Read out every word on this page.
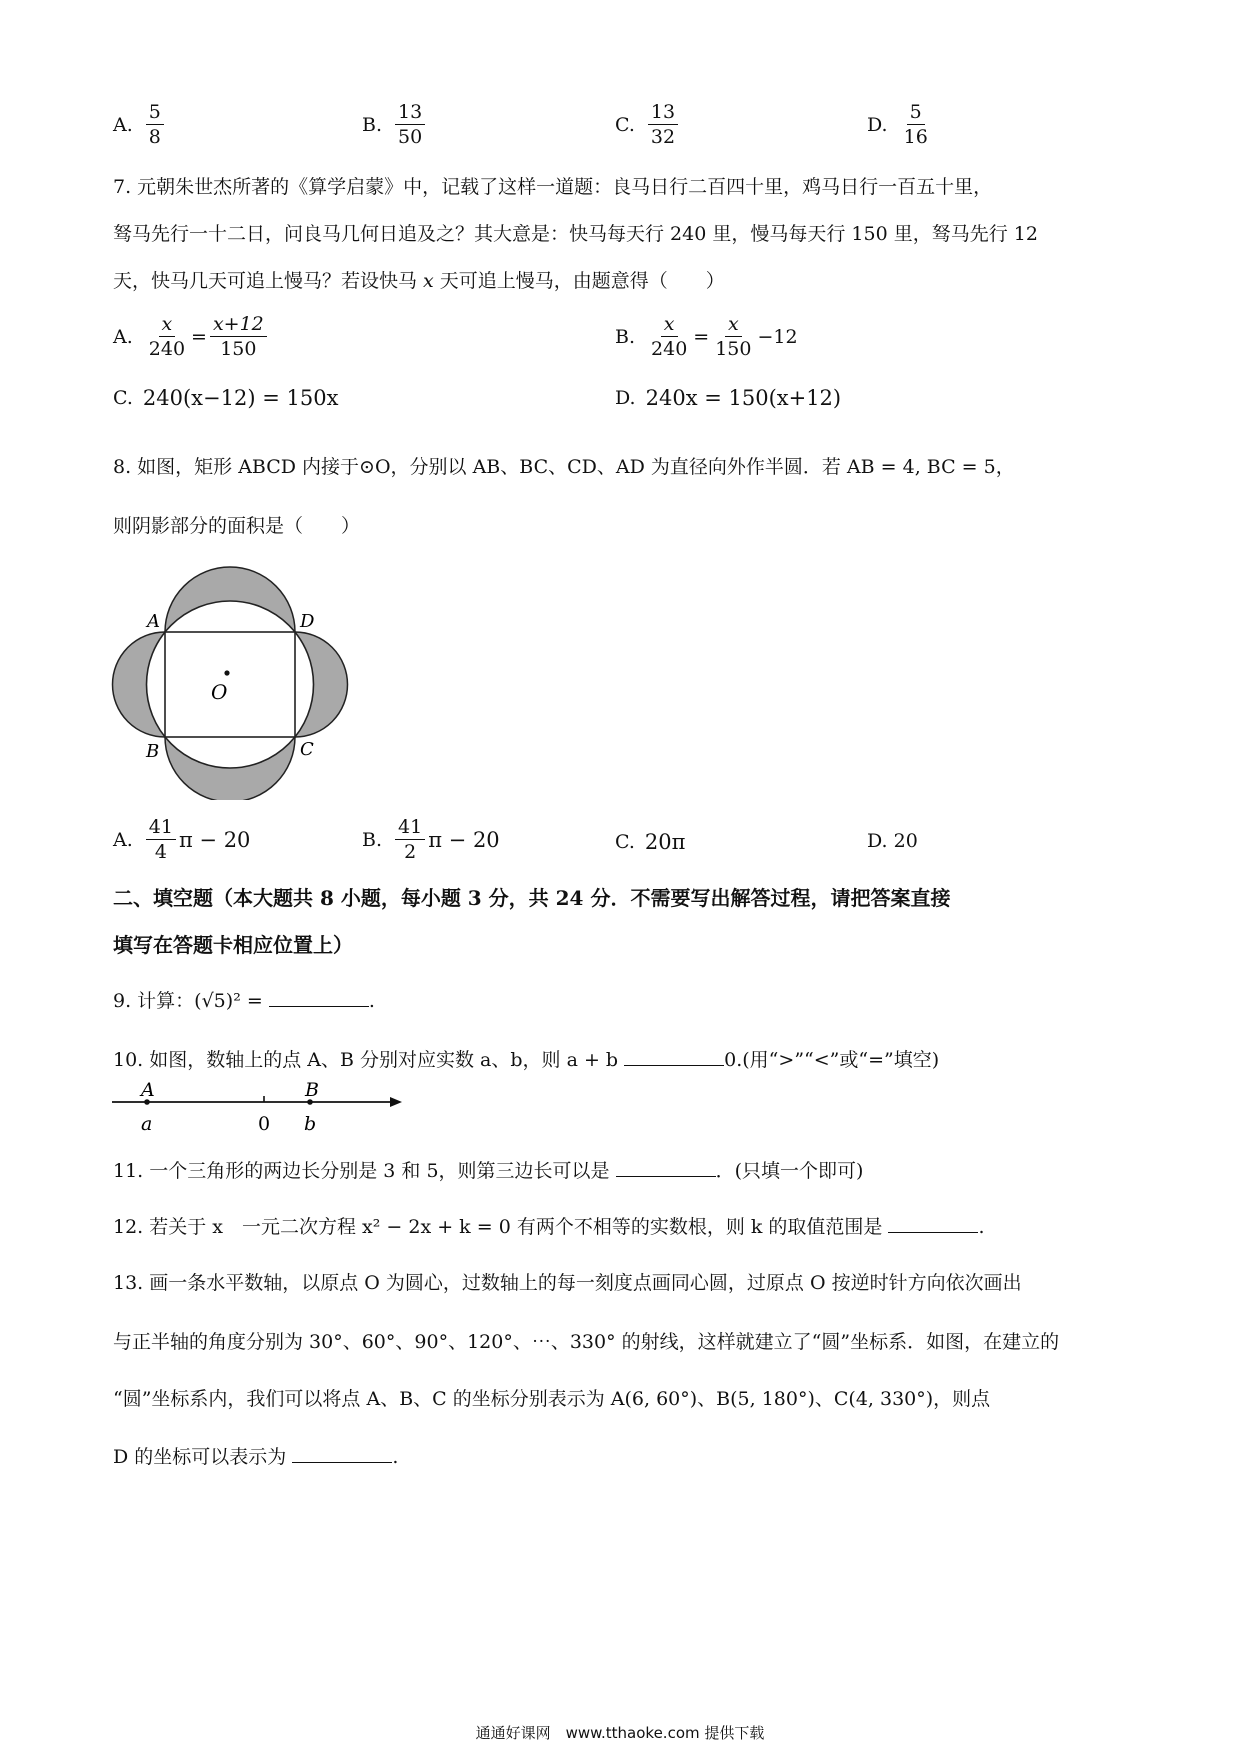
A. $\frac{5}{8}$	B. $\frac{13}{50}$	C. $\frac{13}{32}$	D. $\frac{5}{16}$
7. 元朝朱世杰所著的《算学启蒙》中，记载了这样一道题：良马日行二百四十里，鸡马日行一百五十里，
驽马先行一十二日，问良马几何日追及之？其大意是：快马每天行 240 里，慢马每天行 150 里，驽马先行 12
天，快马几天可追上慢马？若设快马 x 天可追上慢马，由题意得（　　）
A. $\frac{x}{240} = \frac{x+12}{150}$	B. $\frac{x}{240} = \frac{x}{150} -12$
C. 240(x−12) = 150x	D. 240x = 150(x+12)
8. 如图，矩形 ABCD 内接于⊙O，分别以 AB、BC、CD、AD 为直径向外作半圆．若 AB = 4, BC = 5，
则阴影部分的面积是（　　）
A	D
B	C
O
A. $\frac{41}{4}$ π − 20	B. $\frac{41}{2}$ π − 20	C. 20π	D. 20
二、填空题（本大题共 8 小题，每小题 3 分，共 24 分．不需要写出解答过程，请把答案直接
填写在答题卡相应位置上）
9. 计算：(√5)² =	.
10. 如图，数轴上的点 A、B 分别对应实数 a、b，则 a + b	0.(用“>”“<”或“=”填空)
A	B
a	0 b
11. 一个三角形的两边长分别是 3 和 5，则第三边长可以是	．(只填一个即可)
12. 若关于 x　一元二次方程 x² − 2x + k = 0 有两个不相等的实数根，则 k 的取值范围是	.
13. 画一条水平数轴，以原点 O 为圆心，过数轴上的每一刻度点画同心圆，过原点 O 按逆时针方向依次画出
与正半轴的角度分别为 30°、60°、90°、120°、⋯、330° 的射线，这样就建立了“圆”坐标系．如图，在建立的
“圆”坐标系内，我们可以将点 A、B、C 的坐标分别表示为 A(6, 60°)、B(5, 180°)、C(4, 330°)，则点
D 的坐标可以表示为	.
通通好课网　www.tthaoke.com 提供下载
